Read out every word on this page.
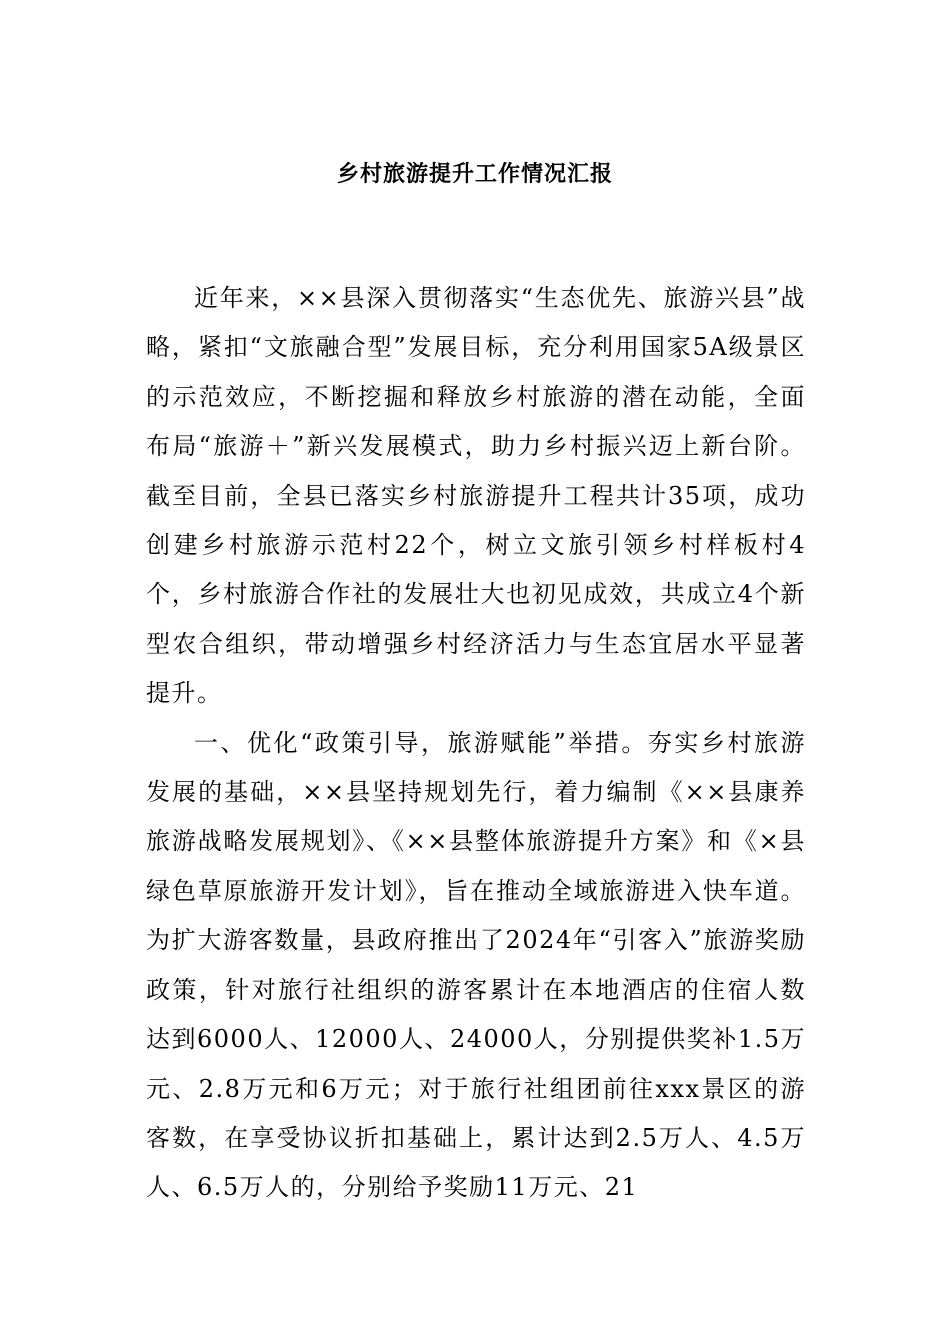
乡村旅游提升工作情况汇报

近年来，××县深入贯彻落实“生态优先、旅游兴县”战略，紧扣“文旅融合型”发展目标，充分利用国家5A级景区的示范效应，不断挖掘和释放乡村旅游的潜在动能，全面布局“旅游＋”新兴发展模式，助力乡村振兴迈上新台阶。截至目前，全县已落实乡村旅游提升工程共计35项，成功创建乡村旅游示范村22个，树立文旅引领乡村样板村4个，乡村旅游合作社的发展壮大也初见成效，共成立4个新型农合组织，带动增强乡村经济活力与生态宜居水平显著提升。

一、优化“政策引导，旅游赋能”举措。夯实乡村旅游发展的基础，××县坚持规划先行，着力编制《××县康养旅游战略发展规划》、《××县整体旅游提升方案》和《×县绿色草原旅游开发计划》，旨在推动全域旅游进入快车道。为扩大游客数量，县政府推出了2024年“引客入”旅游奖励政策，针对旅行社组织的游客累计在本地酒店的住宿人数达到6000人、12000人、24000人，分别提供奖补1.5万元、2.8万元和6万元；对于旅行社组团前往xxx景区的游客数，在享受协议折扣基础上，累计达到2.5万人、4.5万人、6.5万人的，分别给予奖励11万元、21
